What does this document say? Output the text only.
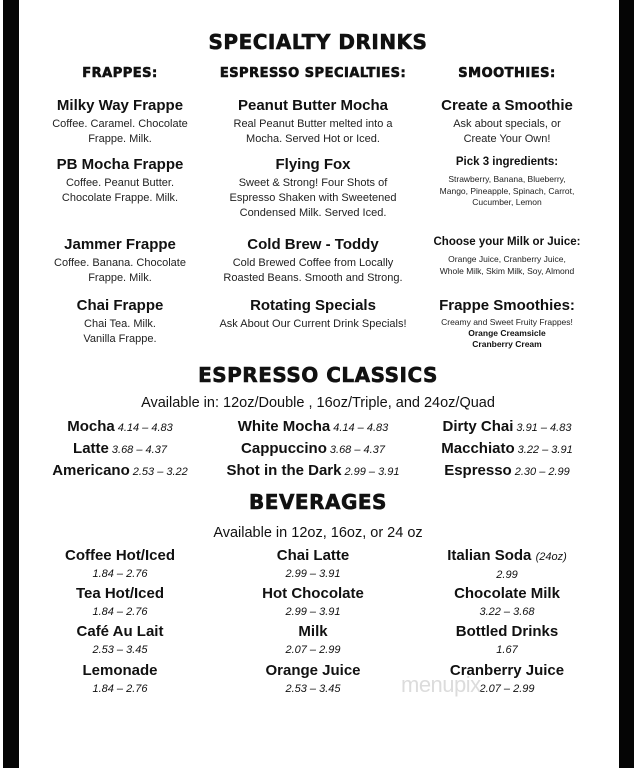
SPECIALTY DRINKS
FRAPPES:	ESPRESSO SPECIALTIES:	SMOOTHIES:
Milky Way Frappe
Coffee. Caramel. Chocolate
Frappe. Milk.
PB Mocha Frappe
Coffee. Peanut Butter.
Chocolate Frappe. Milk.
Jammer Frappe
Coffee. Banana. Chocolate
Frappe. Milk.
Chai Frappe
Chai Tea. Milk.
Vanilla Frappe.
Peanut Butter Mocha
Real Peanut Butter melted into a
Mocha. Served Hot or Iced.
Flying Fox
Sweet & Strong! Four Shots of
Espresso Shaken with Sweetened
Condensed Milk. Served Iced.
Cold Brew - Toddy
Cold Brewed Coffee from Locally
Roasted Beans. Smooth and Strong.
Rotating Specials
Ask About Our Current Drink Specials!
Create a Smoothie
Ask about specials, or
Create Your Own!
Pick 3 ingredients:
Strawberry, Banana, Blueberry,
Mango, Pineapple, Spinach, Carrot,
Cucumber, Lemon
Choose your Milk or Juice:
Orange Juice, Cranberry Juice,
Whole Milk, Skim Milk, Soy, Almond
Frappe Smoothies:
Creamy and Sweet Fruity Frappes!
Orange Creamsicle
Cranberry Cream
ESPRESSO CLASSICS
Available in: 12oz/Double , 16oz/Triple, and 24oz/Quad
Mocha 4.14 – 4.83
Latte 3.68 – 4.37
Americano 2.53 – 3.22
White Mocha 4.14 – 4.83
Cappuccino 3.68 – 4.37
Shot in the Dark 2.99 – 3.91
Dirty Chai 3.91 – 4.83
Macchiato 3.22 – 3.91
Espresso 2.30 – 2.99
BEVERAGES
Available in 12oz, 16oz, or 24 oz
Coffee Hot/Iced
1.84 – 2.76
Tea Hot/Iced
1.84 – 2.76
Café Au Lait
2.53 – 3.45
Lemonade
1.84 – 2.76
Chai Latte
2.99 – 3.91
Hot Chocolate
2.99 – 3.91
Milk
2.07 – 2.99
Orange Juice
2.53 – 3.45
Italian Soda (24oz)
2.99
Chocolate Milk
3.22 – 3.68
Bottled Drinks
1.67
Cranberry Juice
2.07 – 2.99
menupix
